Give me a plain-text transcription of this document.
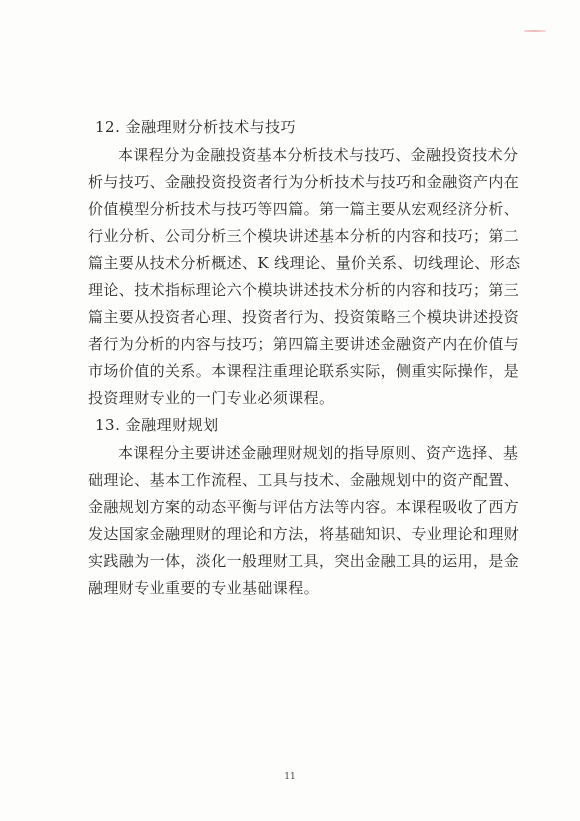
12. 金融理财分析技术与技巧
本课程分为金融投资基本分析技术与技巧、金融投资技术分
析与技巧、金融投资投资者行为分析技术与技巧和金融资产内在
价值模型分析技术与技巧等四篇。第一篇主要从宏观经济分析、
行业分析、公司分析三个模块讲述基本分析的内容和技巧；第二
篇主要从技术分析概述、K 线理论、量价关系、切线理论、形态
理论、技术指标理论六个模块讲述技术分析的内容和技巧；第三
篇主要从投资者心理、投资者行为、投资策略三个模块讲述投资
者行为分析的内容与技巧；第四篇主要讲述金融资产内在价值与
市场价值的关系。本课程注重理论联系实际，侧重实际操作，是
投资理财专业的一门专业必须课程。
13. 金融理财规划
本课程分主要讲述金融理财规划的指导原则、资产选择、基
础理论、基本工作流程、工具与技术、金融规划中的资产配置、
金融规划方案的动态平衡与评估方法等内容。本课程吸收了西方
发达国家金融理财的理论和方法，将基础知识、专业理论和理财
实践融为一体，淡化一般理财工具，突出金融工具的运用，是金
融理财专业重要的专业基础课程。
11
